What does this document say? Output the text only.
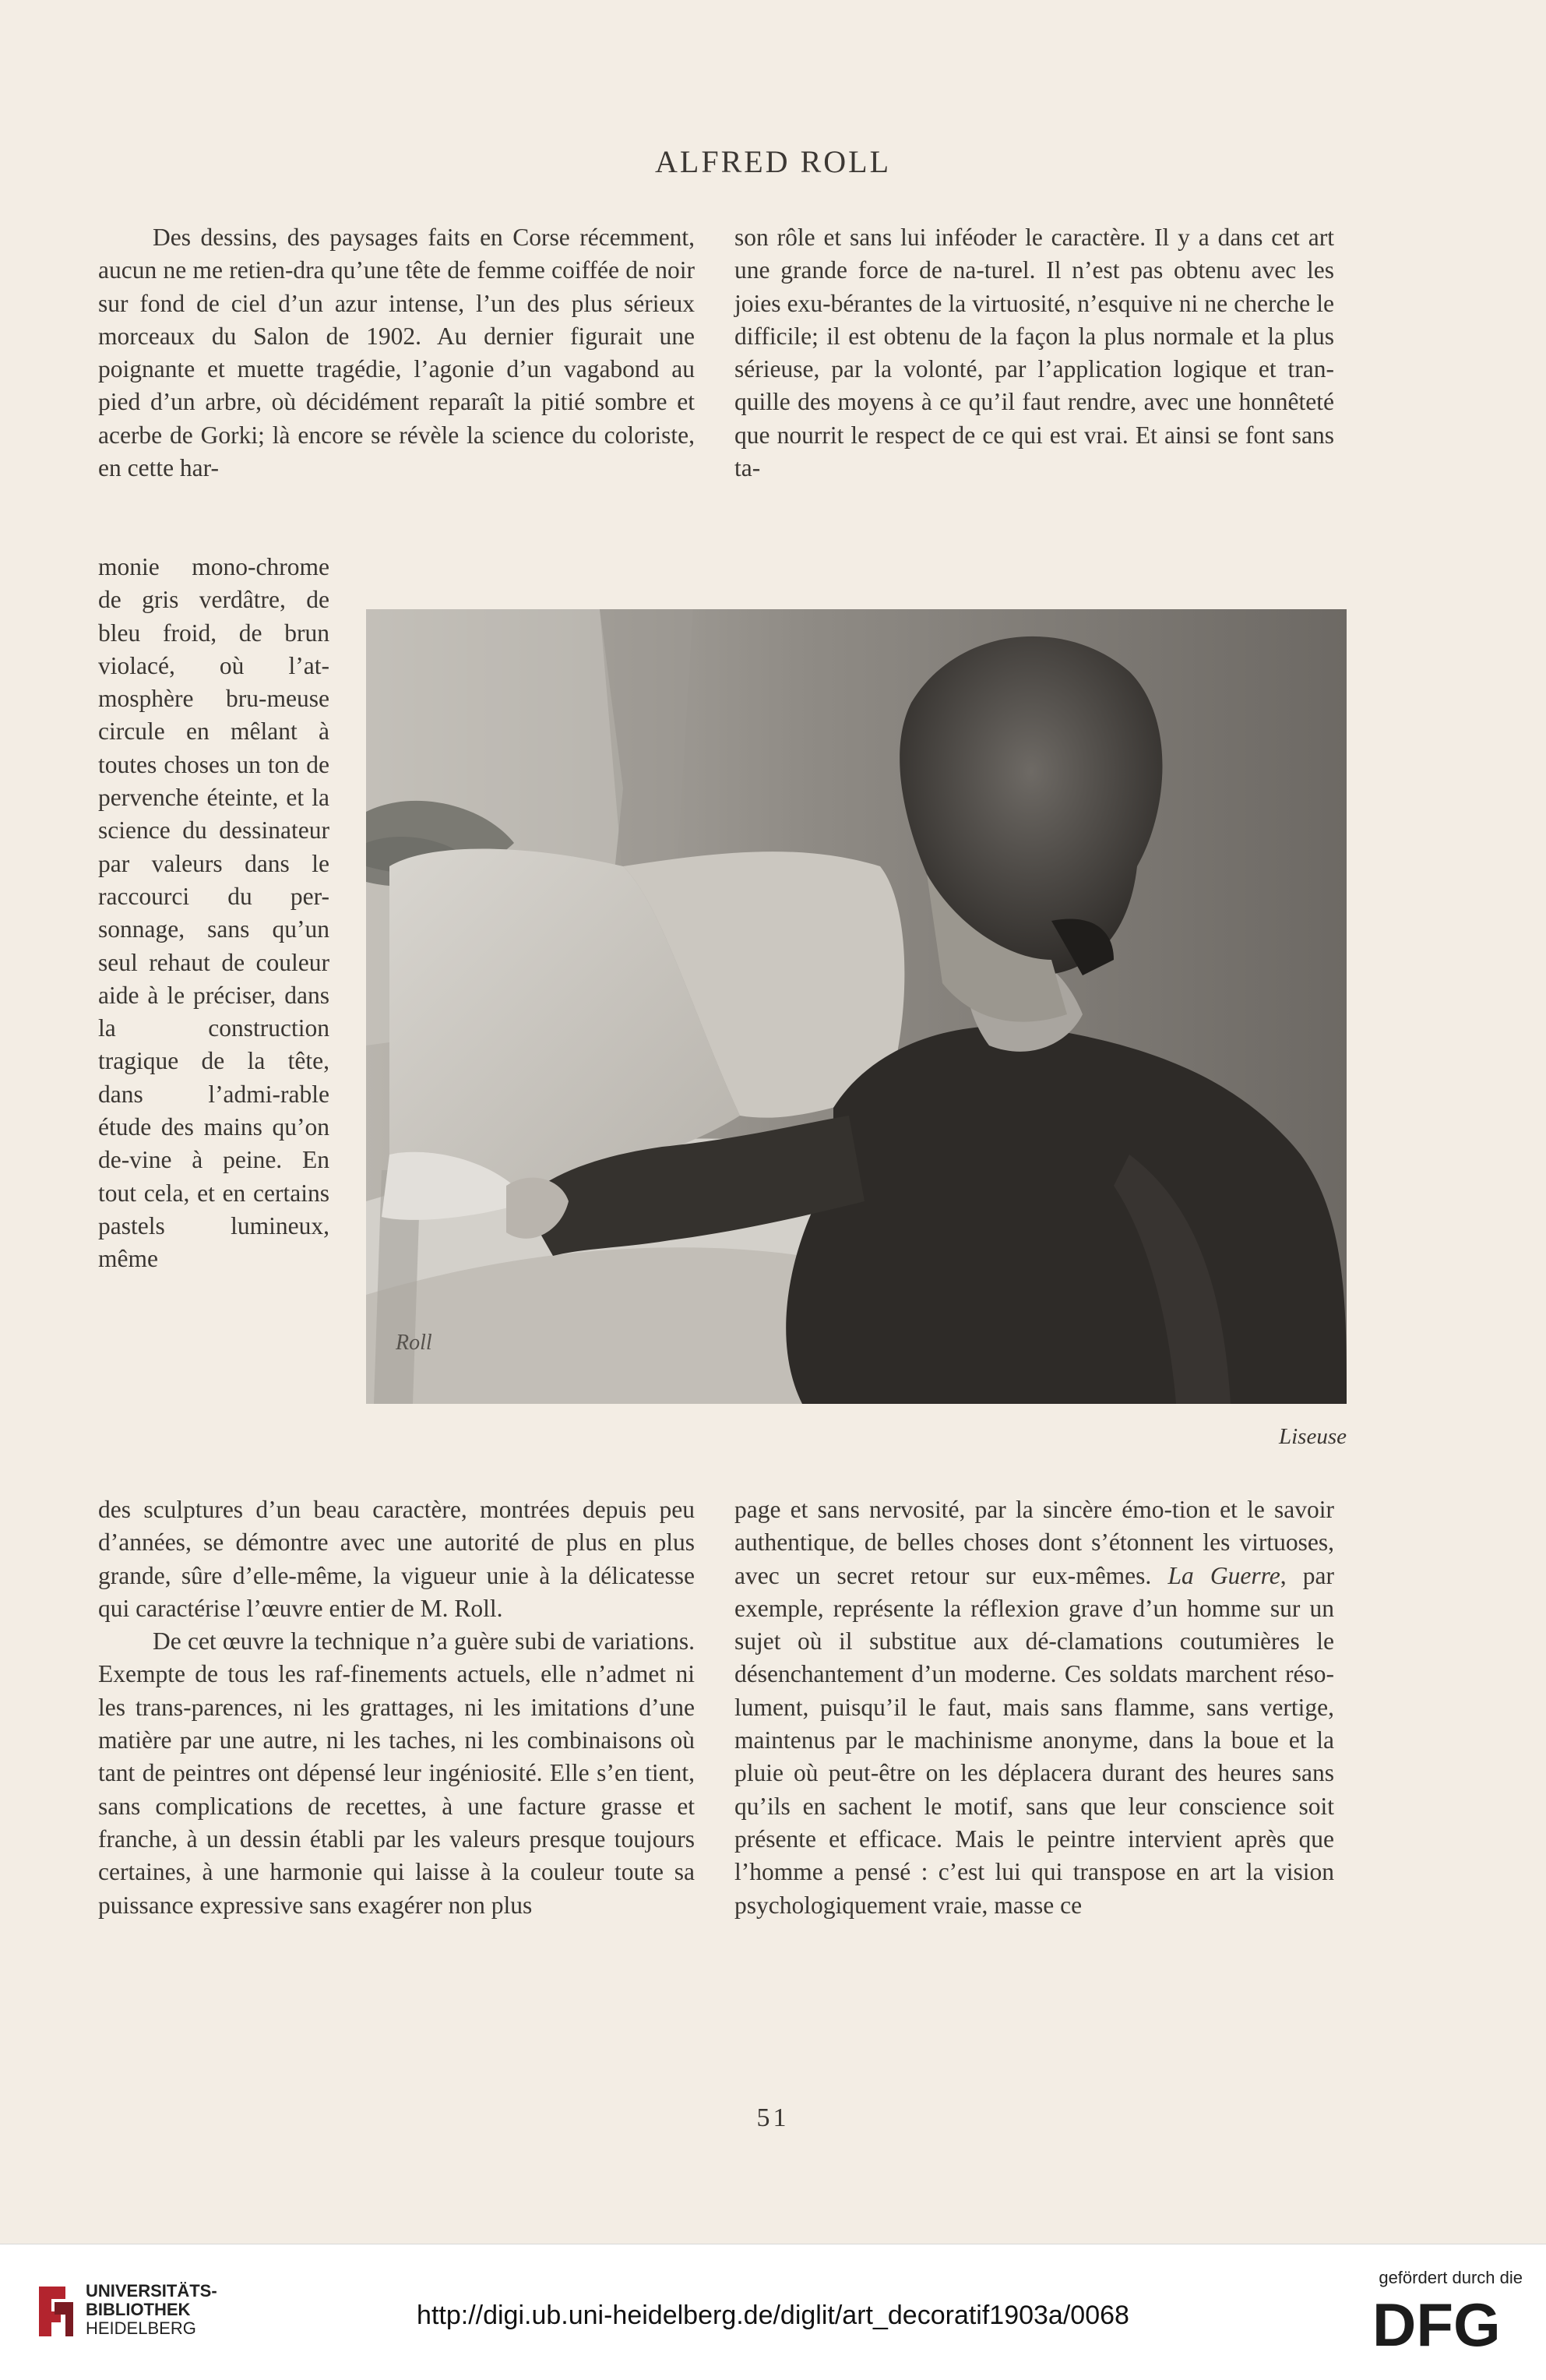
ALFRED ROLL

Des dessins, des paysages faits en Corse récemment, aucun ne me retien-dra qu’une tête de femme coiffée de noir sur fond de ciel d’un azur intense, l’un des plus sérieux morceaux du Salon de 1902. Au dernier figurait une poignante et muette tragédie, l’agonie d’un vagabond au pied d’un arbre, où décidément reparaît la pitié sombre et acerbe de Gorki; là encore se révèle la science du coloriste, en cette har-

son rôle et sans lui inféoder le caractère. Il y a dans cet art une grande force de na-turel. Il n’est pas obtenu avec les joies exu-bérantes de la virtuosité, n’esquive ni ne cherche le difficile; il est obtenu de la façon la plus normale et la plus sérieuse, par la volonté, par l’application logique et tran-quille des moyens à ce qu’il faut rendre, avec une honnêteté que nourrit le respect de ce qui est vrai. Et ainsi se font sans ta-

monie mono-chrome de gris verdâtre, de bleu froid, de brun violacé, où l’at-mosphère bru-meuse circule en mêlant à toutes choses un ton de pervenche éteinte, et la science du dessinateur par valeurs dans le raccourci du per-sonnage, sans qu’un seul rehaut de couleur aide à le préciser, dans la construction tragique de la tête, dans l’admi-rable étude des mains qu’on de-vine à peine. En tout cela, et en certains pastels lumineux, même

Roll
Liseuse

des sculptures d’un beau caractère, montrées depuis peu d’années, se démontre avec une autorité de plus en plus grande, sûre d’elle-même, la vigueur unie à la délicatesse qui caractérise l’œuvre entier de M. Roll.

De cet œuvre la technique n’a guère subi de variations. Exempte de tous les raf-finements actuels, elle n’admet ni les trans-parences, ni les grattages, ni les imitations d’une matière par une autre, ni les taches, ni les combinaisons où tant de peintres ont dépensé leur ingéniosité. Elle s’en tient, sans complications de recettes, à une facture grasse et franche, à un dessin établi par les valeurs presque toujours certaines, à une harmonie qui laisse à la couleur toute sa puissance expressive sans exagérer non plus

page et sans nervosité, par la sincère émo-tion et le savoir authentique, de belles choses dont s’étonnent les virtuoses, avec un secret retour sur eux-mêmes. La Guerre, par exemple, représente la réflexion grave d’un homme sur un sujet où il substitue aux dé-clamations coutumières le désenchantement d’un moderne. Ces soldats marchent réso-lument, puisqu’il le faut, mais sans flamme, sans vertige, maintenus par le machinisme anonyme, dans la boue et la pluie où peut-être on les déplacera durant des heures sans qu’ils en sachent le motif, sans que leur conscience soit présente et efficace. Mais le peintre intervient après que l’homme a pensé : c’est lui qui transpose en art la vision psychologiquement vraie, masse ce

51
UNIVERSITÄTS-
BIBLIOTHEK
HEIDELBERG	http://digi.ub.uni-heidelberg.de/diglit/art_decoratif1903a/0068
gefördert durch die
DFG
